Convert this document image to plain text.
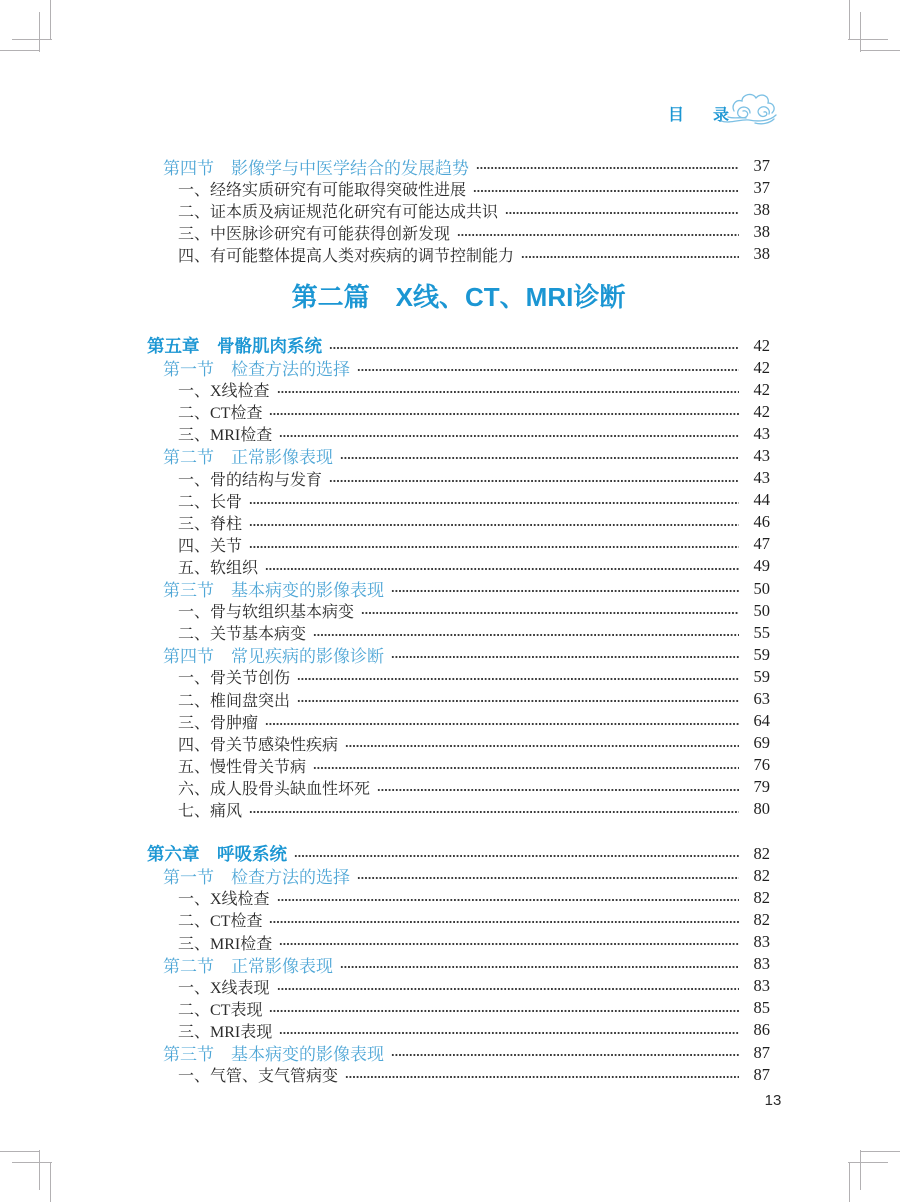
目录
第四节　影像学与中医学结合的发展趋势	37
一、经络实质研究有可能取得突破性进展	37
二、证本质及病证规范化研究有可能达成共识	38
三、中医脉诊研究有可能获得创新发现	38
四、有可能整体提高人类对疾病的调节控制能力	38
第二篇　X线、CT、MRI诊断
第五章　骨骼肌肉系统	42
第一节　检查方法的选择	42
一、X线检查	42
二、CT检查	42
三、MRI检查	43
第二节　正常影像表现	43
一、骨的结构与发育	43
二、长骨	44
三、脊柱	46
四、关节	47
五、软组织	49
第三节　基本病变的影像表现	50
一、骨与软组织基本病变	50
二、关节基本病变	55
第四节　常见疾病的影像诊断	59
一、骨关节创伤	59
二、椎间盘突出	63
三、骨肿瘤	64
四、骨关节感染性疾病	69
五、慢性骨关节病	76
六、成人股骨头缺血性坏死	79
七、痛风	80
第六章　呼吸系统	82
第一节　检查方法的选择	82
一、X线检查	82
二、CT检查	82
三、MRI检查	83
第二节　正常影像表现	83
一、X线表现	83
二、CT表现	85
三、MRI表现	86
第三节　基本病变的影像表现	87
一、气管、支气管病变	87
13
